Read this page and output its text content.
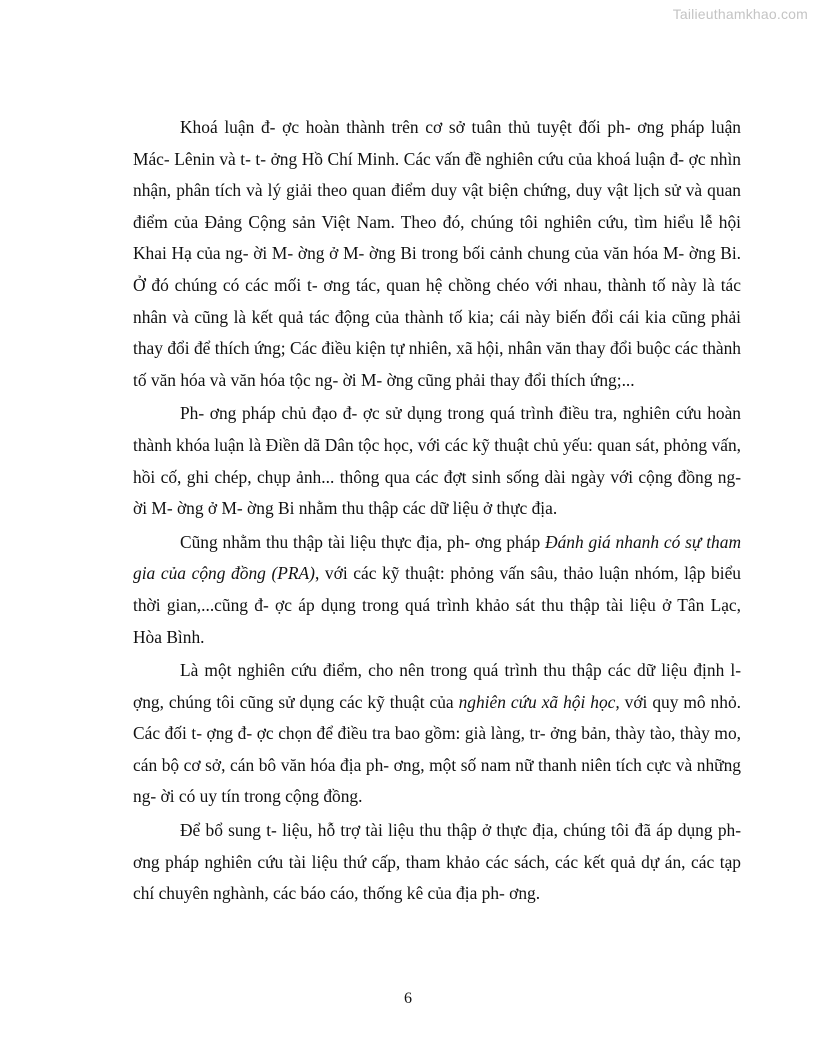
Tailieuthamkhao.com

Khoá luận đ- ợc hoàn thành trên cơ sở tuân thủ tuyệt đối ph- ơng pháp luận Mác- Lênin và t- t- ởng Hồ Chí Minh. Các vấn đề nghiên cứu của khoá luận đ- ợc nhìn nhận, phân tích và lý giải theo quan điểm duy vật biện chứng, duy vật lịch sử và quan điểm của Đảng Cộng sản Việt Nam. Theo đó, chúng tôi nghiên cứu, tìm hiểu lễ hội Khai Hạ của ng- ời M- ờng ở M- ờng Bi trong bối cảnh chung của văn hóa M- ờng Bi. Ở đó chúng có các mối t- ơng tác, quan hệ chồng chéo với nhau, thành tố này là tác nhân và cũng là kết quả tác động của thành tố kia; cái này biến đổi cái kia cũng phải thay đổi để thích ứng; Các điều kiện tự nhiên, xã hội, nhân văn thay đổi buộc các thành tố văn hóa và văn hóa tộc ng- ời M- ờng cũng phải thay đổi thích ứng;...

Ph- ơng pháp chủ đạo đ- ợc sử dụng trong quá trình điều tra, nghiên cứu hoàn thành khóa luận là Điền dã Dân tộc học, với các kỹ thuật chủ yếu: quan sát, phỏng vấn, hồi cố, ghi chép, chụp ảnh... thông qua các đợt sinh sống dài ngày với cộng đồng ng- ời M- ờng ở M- ờng Bi nhằm thu thập các dữ liệu ở thực địa.

Cũng nhằm thu thập tài liệu thực địa, ph- ơng pháp Đánh giá nhanh có sự tham gia của cộng đồng (PRA), với các kỹ thuật: phỏng vấn sâu, thảo luận nhóm, lập biểu thời gian,...cũng đ- ợc áp dụng trong quá trình khảo sát thu thập tài liệu ở Tân Lạc, Hòa Bình.

Là một nghiên cứu điểm, cho nên trong quá trình thu thập các dữ liệu định l- ợng, chúng tôi cũng sử dụng các kỹ thuật của nghiên cứu xã hội học, với quy mô nhỏ. Các đối t- ợng đ- ợc chọn để điều tra bao gồm: già làng, tr- ởng bản, thày tào, thày mo, cán bộ cơ sở, cán bô văn hóa địa ph- ơng, một số nam nữ thanh niên tích cực và những ng- ời có uy tín trong cộng đồng.

Để bổ sung t- liệu, hỗ trợ tài liệu thu thập ở thực địa, chúng tôi đã áp dụng ph- ơng pháp nghiên cứu tài liệu thứ cấp, tham khảo các sách, các kết quả dự án, các tạp chí chuyên nghành, các báo cáo, thống kê của địa ph- ơng.

6
